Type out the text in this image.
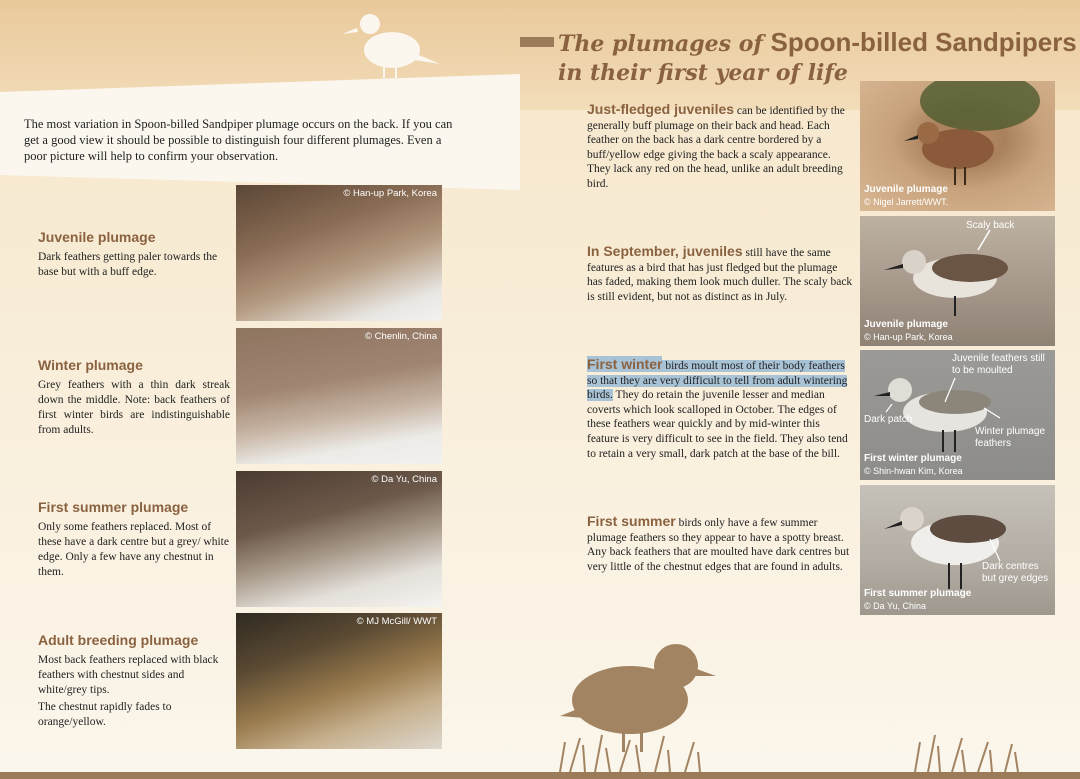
The plumages of Spoon-billed Sandpipers
in their first year of life
The most variation in Spoon-billed Sandpiper plumage occurs on the back. If you can get a good view it should be possible to distinguish four different plumages. Even a poor picture will help to confirm your observation.
© Han-up Park, Korea
© Chenlin, China
© Da Yu, China
© MJ McGill/ WWT
Juvenile plumage
Dark feathers getting paler towards the base but with a buff edge.
Winter plumage
Grey feathers with a thin dark streak down the middle. Note: back feathers of first winter birds are indistinguishable from adults.
First summer plumage
Only some feathers replaced. Most of these have a dark centre but a grey/ white edge. Only a few have any chestnut in them.
Adult breeding plumage
Most back feathers replaced with black feathers with chestnut sides and white/grey tips.
The chestnut rapidly fades to orange/yellow.
Just-fledged juveniles can be identified by the generally buff plumage on their back and head. Each feather on the back has a dark centre bordered by a buff/yellow edge giving the back a scaly appearance. They lack any red on the head, unlike an adult breeding bird.
In September, juveniles still have the same features as a bird that has just fledged but the plumage has faded, making them look much duller. The scaly back is still evident, but not as distinct as in July.
First winter birds moult most of their body feathers so that they are very difficult to tell from adult wintering birds. They do retain the juvenile lesser and median coverts which look scalloped in October. The edges of these feathers wear quickly and by mid-winter this feature is very difficult to see in the field. They also tend to retain a very small, dark patch at the base of the bill.
First summer birds only have a few summer plumage feathers so they appear to have a spotty breast. Any back feathers that are moulted have dark centres but very little of the chestnut edges that are found in adults.
Juvenile plumage
© Nigel Jarrett/WWT.
Scaly back
Juvenile plumage
© Han-up Park, Korea
Juvenile feathers still to be moulted
Dark patch
Winter plumage feathers
First winter plumage
© Shin-hwan Kim, Korea
Dark centres but grey edges
First summer plumage
© Da Yu, China
